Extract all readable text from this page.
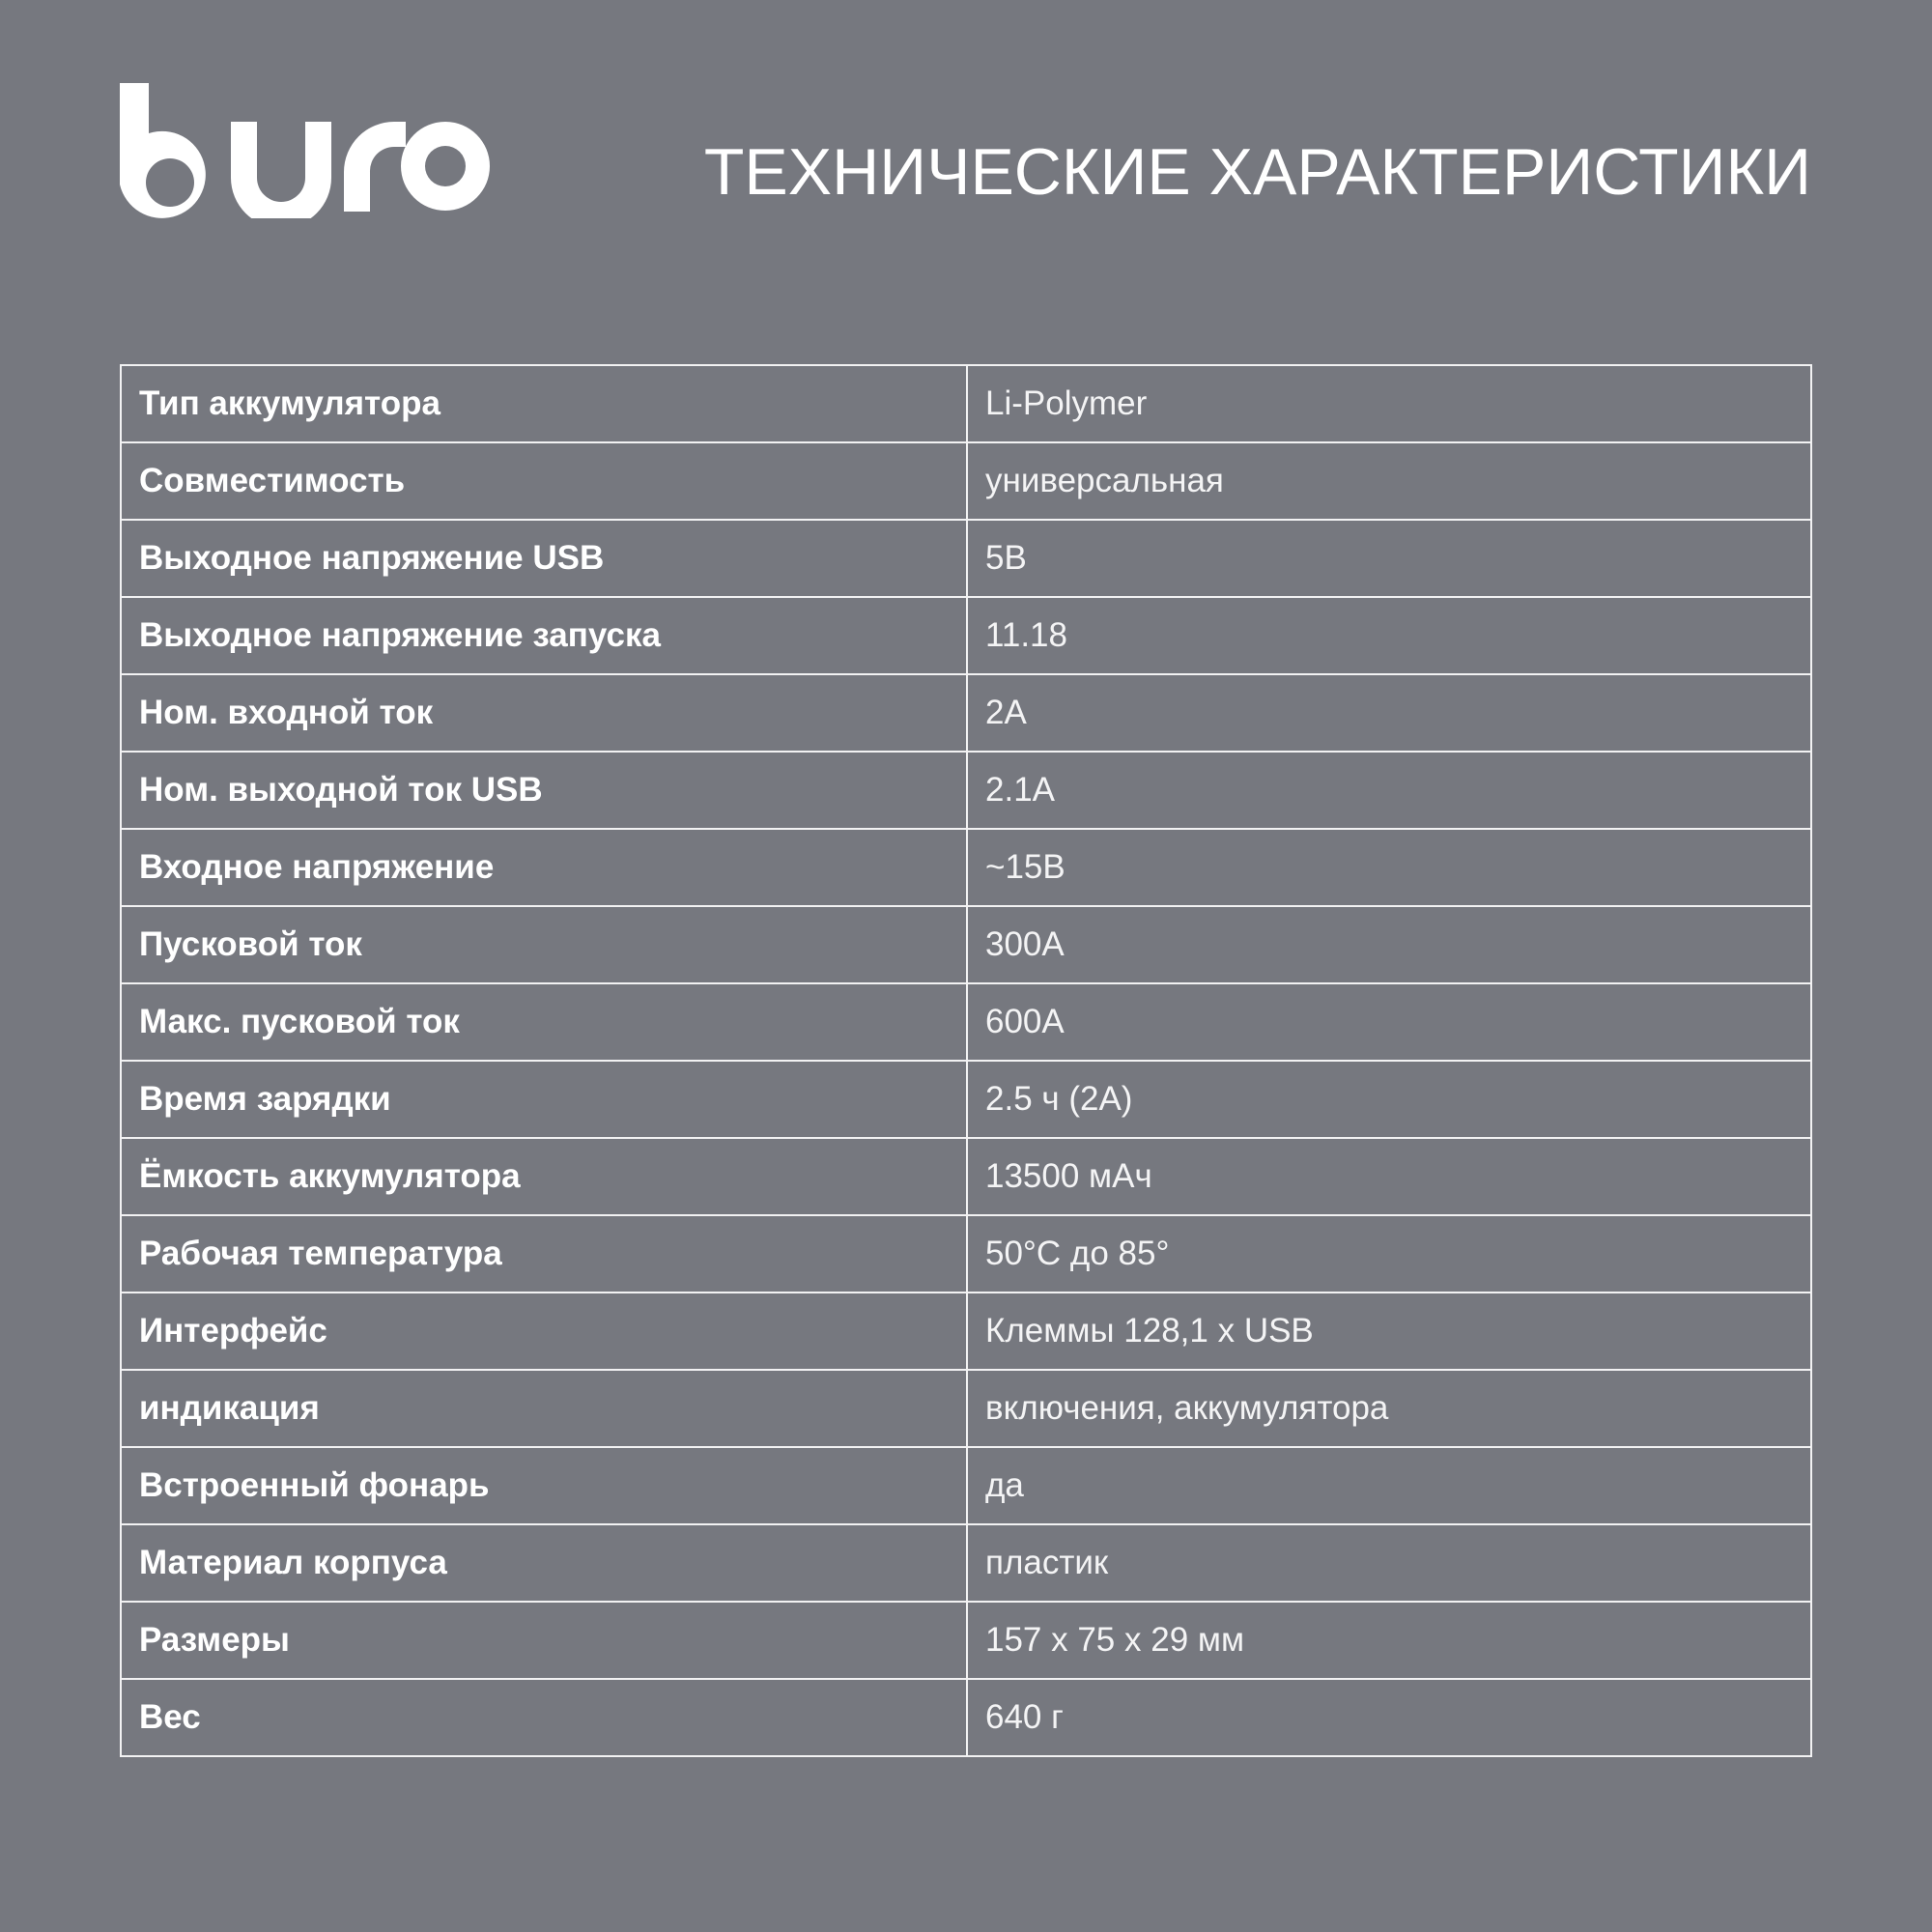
ТЕХНИЧЕСКИЕ ХАРАКТЕРИСТИКИ
Тип аккумулятора	Li-Polymer
Совместимость	универсальная
Выходное напряжение USB	5В
Выходное напряжение запуска	11.18
Ном. входной ток	2A
Ном. выходной ток USB	2.1A
Входное напряжение	~15В
Пусковой ток	300A
Макс. пусковой ток	600A
Время зарядки	2.5 ч (2A)
Ёмкость аккумулятора	13500 мАч
Рабочая температура	50°С до 85°
Интерфейс	Клеммы 128,1 х USB
индикация	включения, аккумулятора
Встроенный фонарь	да
Материал корпуса	пластик
Размеры	157 х 75 х 29 мм
Вес	640 г
